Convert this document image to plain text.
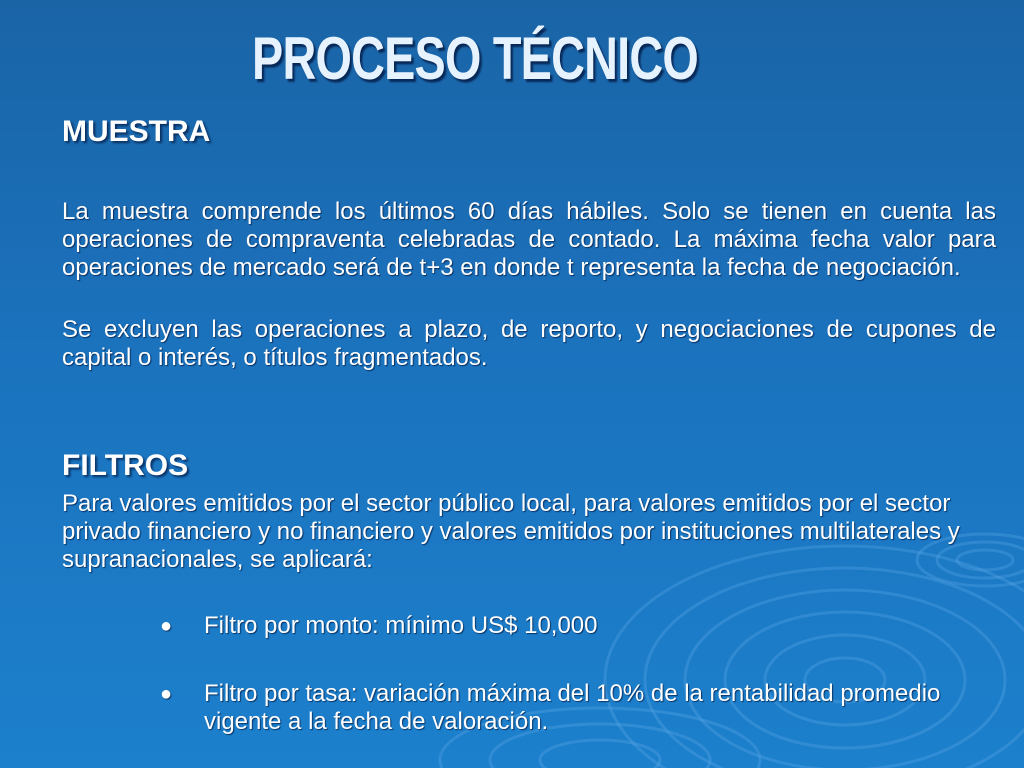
PROCESO TÉCNICO
MUESTRA

La muestra comprende los últimos 60 días hábiles. Solo se tienen en cuenta las operaciones de compraventa celebradas de contado. La máxima fecha valor para operaciones de mercado será de t+3 en donde t representa la fecha de negociación.

Se excluyen las operaciones a plazo, de reporto, y negociaciones de cupones de capital o interés, o títulos fragmentados.

FILTROS

Para valores emitidos por el sector público local, para valores emitidos por el sector privado financiero y no financiero y valores emitidos por instituciones multilaterales y supranacionales, se aplicará:

● Filtro por monto: mínimo US$ 10,000
● Filtro por tasa: variación máxima del 10% de la rentabilidad promedio vigente a la fecha de valoración.
